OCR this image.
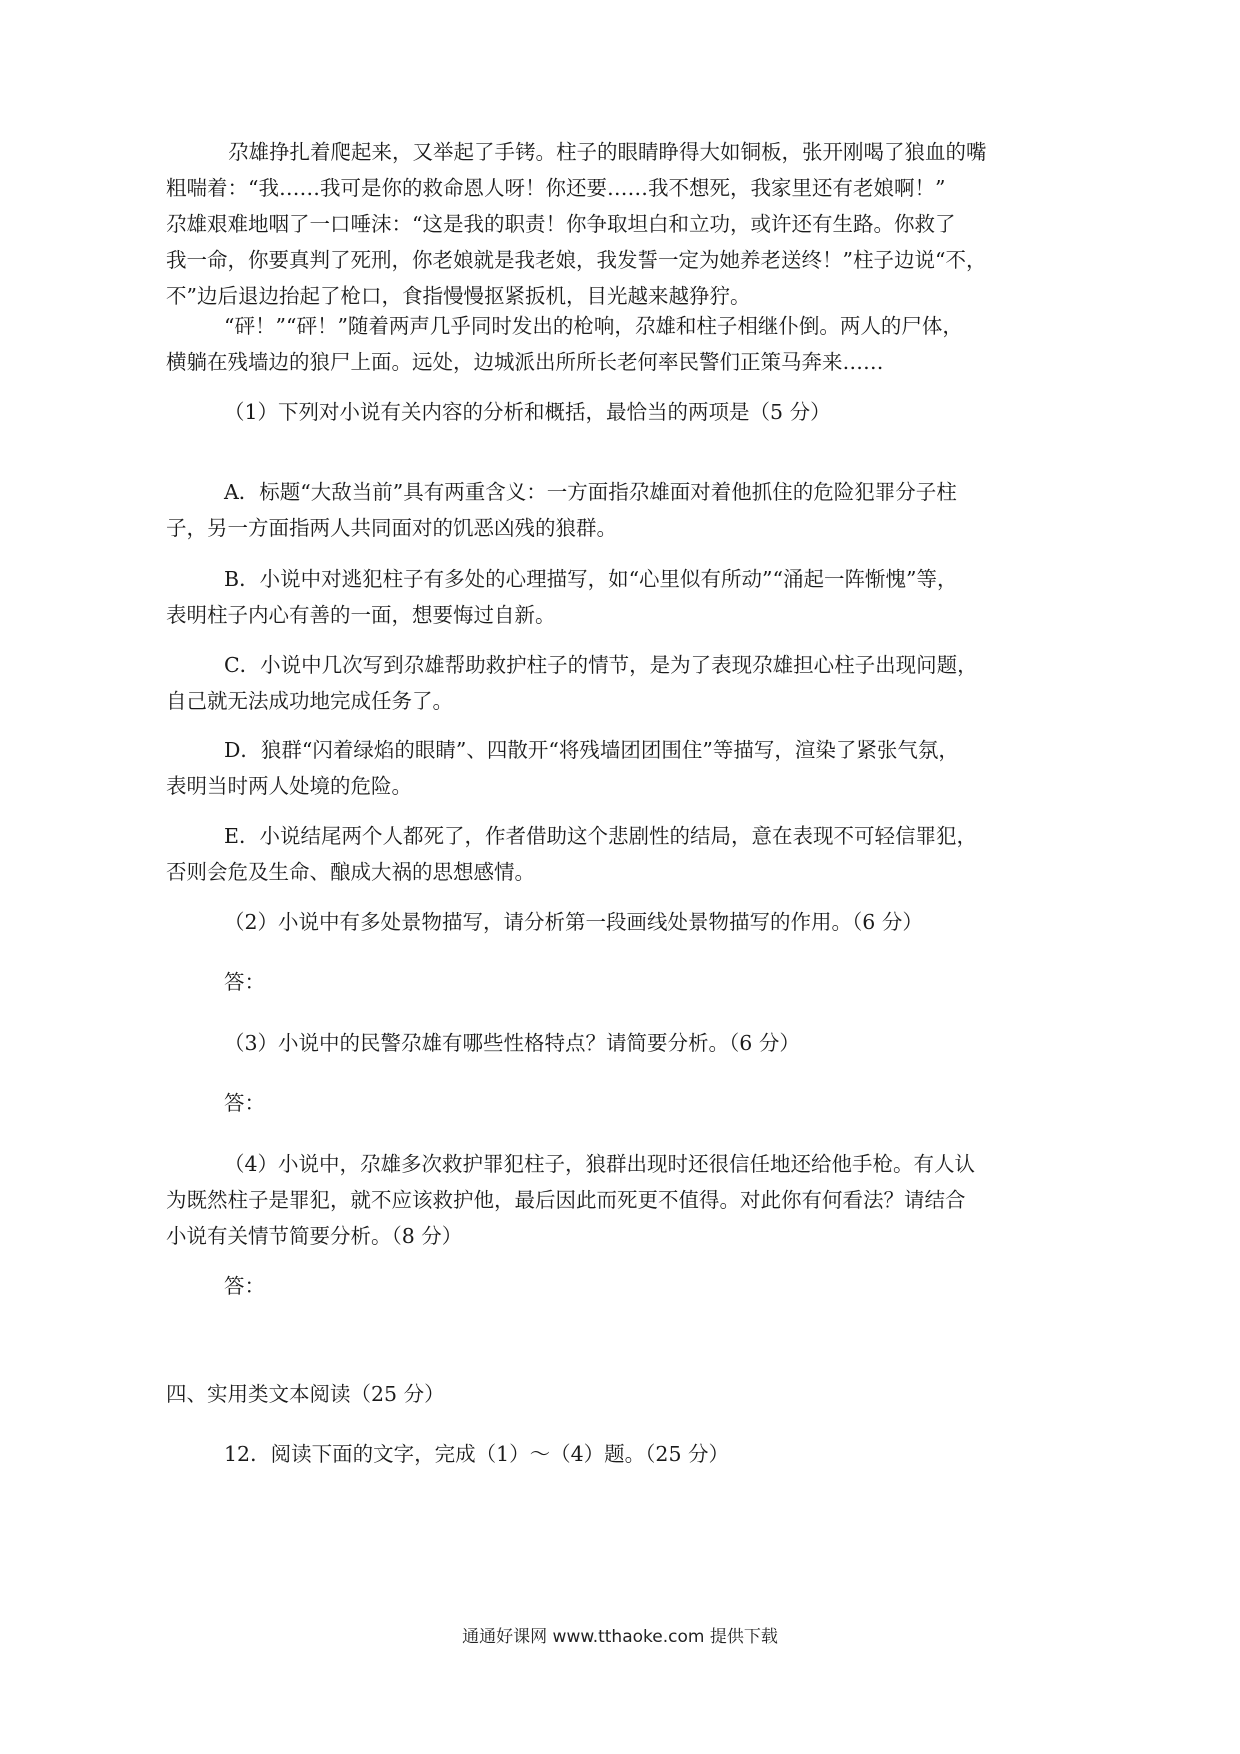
尕雄挣扎着爬起来，又举起了手铐。柱子的眼睛睁得大如铜板，张开刚喝了狼血的嘴
粗喘着：“我……我可是你的救命恩人呀！你还要……我不想死，我家里还有老娘啊！”
尕雄艰难地咽了一口唾沫：“这是我的职责！你争取坦白和立功，或许还有生路。你救了
我一命，你要真判了死刑，你老娘就是我老娘，我发誓一定为她养老送终！”柱子边说“不，
不”边后退边抬起了枪口，食指慢慢抠紧扳机，目光越来越狰狞。
“砰！”“砰！”随着两声几乎同时发出的枪响，尕雄和柱子相继仆倒。两人的尸体，
横躺在残墙边的狼尸上面。远处，边城派出所所长老何率民警们正策马奔来……
（1）下列对小说有关内容的分析和概括，最恰当的两项是（5 分）
A．标题“大敌当前”具有两重含义：一方面指尕雄面对着他抓住的危险犯罪分子柱
子，另一方面指两人共同面对的饥恶凶残的狼群。
B．小说中对逃犯柱子有多处的心理描写，如“心里似有所动”“涌起一阵惭愧”等，
表明柱子内心有善的一面，想要悔过自新。
C．小说中几次写到尕雄帮助救护柱子的情节，是为了表现尕雄担心柱子出现问题，
自己就无法成功地完成任务了。
D．狼群“闪着绿焰的眼睛”、四散开“将残墙团团围住”等描写，渲染了紧张气氛，
表明当时两人处境的危险。
E．小说结尾两个人都死了，作者借助这个悲剧性的结局，意在表现不可轻信罪犯，
否则会危及生命、酿成大祸的思想感情。
（2）小说中有多处景物描写，请分析第一段画线处景物描写的作用。（6 分）
答：
（3）小说中的民警尕雄有哪些性格特点？请简要分析。（6 分）
答：
（4）小说中，尕雄多次救护罪犯柱子，狼群出现时还很信任地还给他手枪。有人认
为既然柱子是罪犯，就不应该救护他，最后因此而死更不值得。对此你有何看法？请结合
小说有关情节简要分析。（8 分）
答：
四、实用类文本阅读（25 分）
12．阅读下面的文字，完成（1）～（4）题。（25 分）
通通好课网 www.tthaoke.com 提供下载
